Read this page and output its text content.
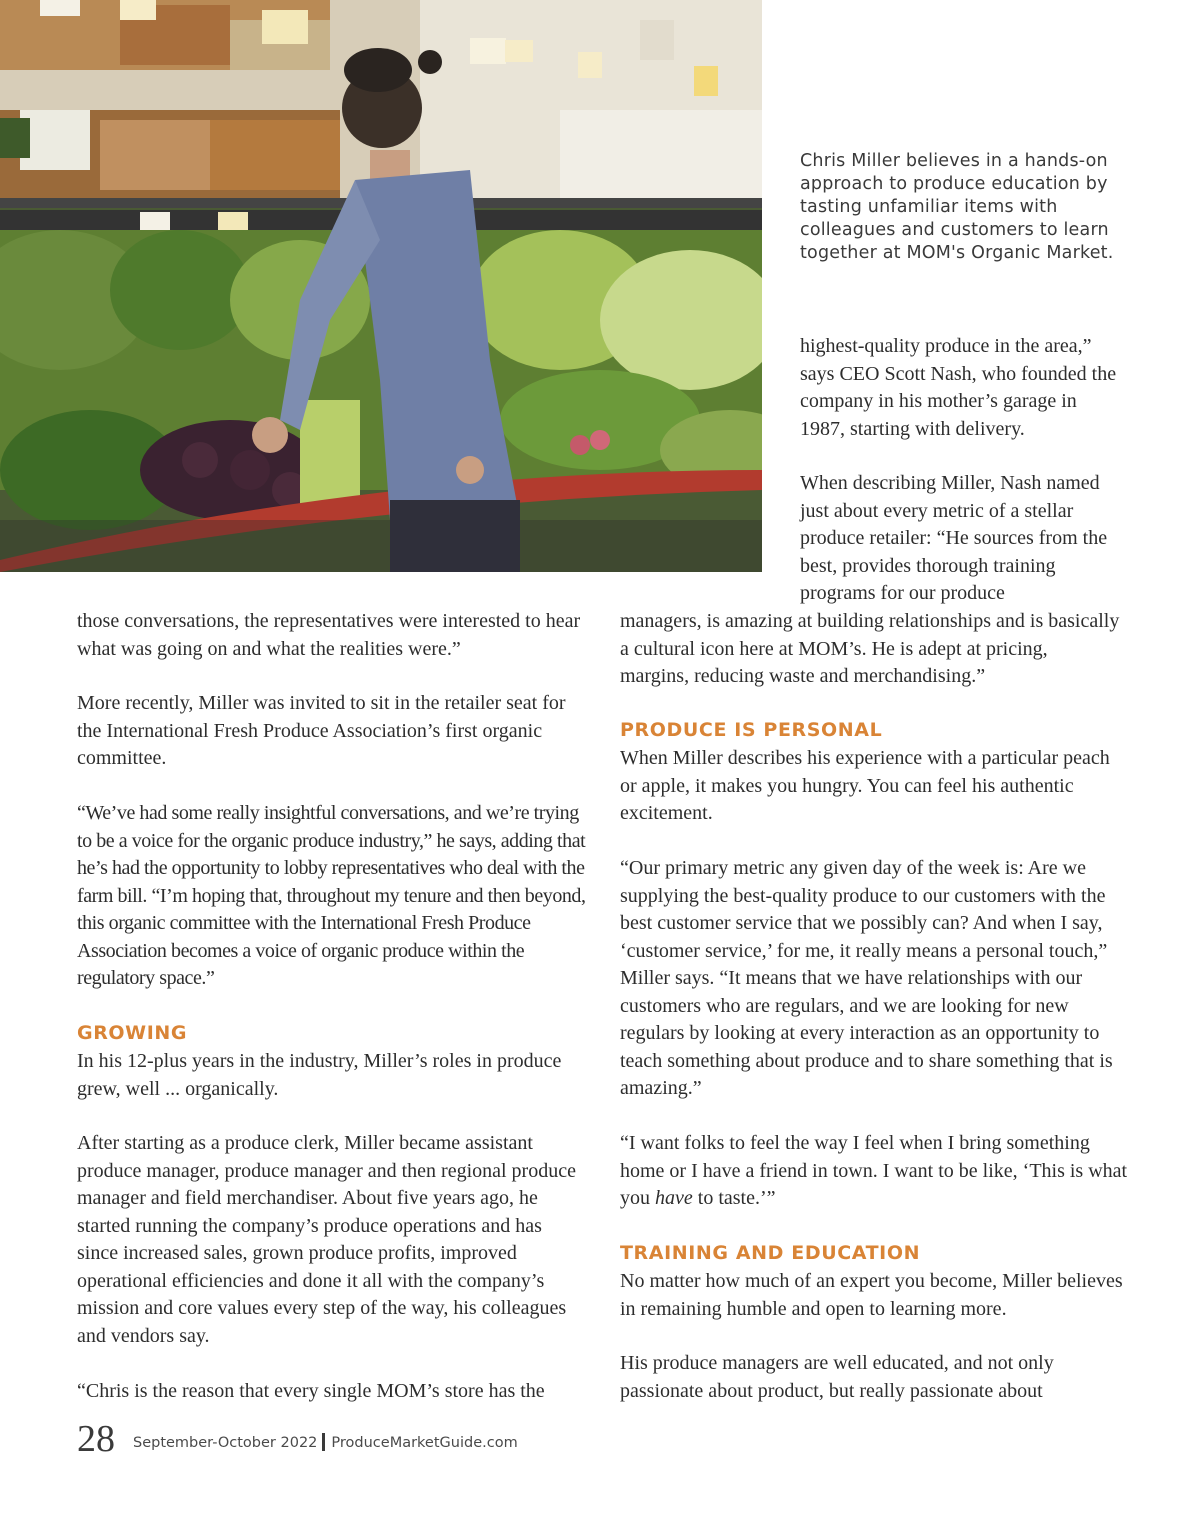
Chris Miller believes in a hands-on approach to produce education by tasting unfamiliar items with colleagues and customers to learn together at MOM's Organic Market.

highest-quality produce in the area,” says CEO Scott Nash, who founded the company in his mother’s garage in 1987, starting with delivery.

When describing Miller, Nash named just about every metric of a stellar produce retailer: “He sources from the best, provides thorough training programs for our produce

those conversations, the representatives were interested to hear what was going on and what the realities were.”

More recently, Miller was invited to sit in the retailer seat for the International Fresh Produce Association’s first organic committee.

“We’ve had some really insightful conversations, and we’re trying to be a voice for the organic produce industry,” he says, adding that he’s had the opportunity to lobby representatives who deal with the farm bill. “I’m hoping that, throughout my tenure and then beyond, this organic committee with the International Fresh Produce Association becomes a voice of organic produce within the regulatory space.”

GROWING

In his 12-plus years in the industry, Miller’s roles in produce grew, well ... organically.

After starting as a produce clerk, Miller became assistant produce manager, produce manager and then regional produce manager and field merchandiser. About five years ago, he started running the company’s produce operations and has since increased sales, grown produce profits, improved operational efficiencies and done it all with the company’s mission and core values every step of the way, his colleagues and vendors say.

“Chris is the reason that every single MOM’s store has the

managers, is amazing at building relationships and is basically a cultural icon here at MOM’s. He is adept at pricing, margins, reducing waste and merchandising.”

PRODUCE IS PERSONAL

When Miller describes his experience with a particular peach or apple, it makes you hungry. You can feel his authentic excitement.

“Our primary metric any given day of the week is: Are we supplying the best-quality produce to our customers with the best customer service that we possibly can? And when I say, ‘customer service,’ for me, it really means a personal touch,” Miller says. “It means that we have relationships with our customers who are regulars, and we are looking for new regulars by looking at every interaction as an opportunity to teach something about produce and to share something that is amazing.”

“I want folks to feel the way I feel when I bring something home or I have a friend in town. I want to be like, ‘This is what you have to taste.’”

TRAINING AND EDUCATION

No matter how much of an expert you become, Miller believes in remaining humble and open to learning more.

His produce managers are well educated, and not only passionate about product, but really passionate about

28 September-October 2022 ProduceMarketGuide.com
